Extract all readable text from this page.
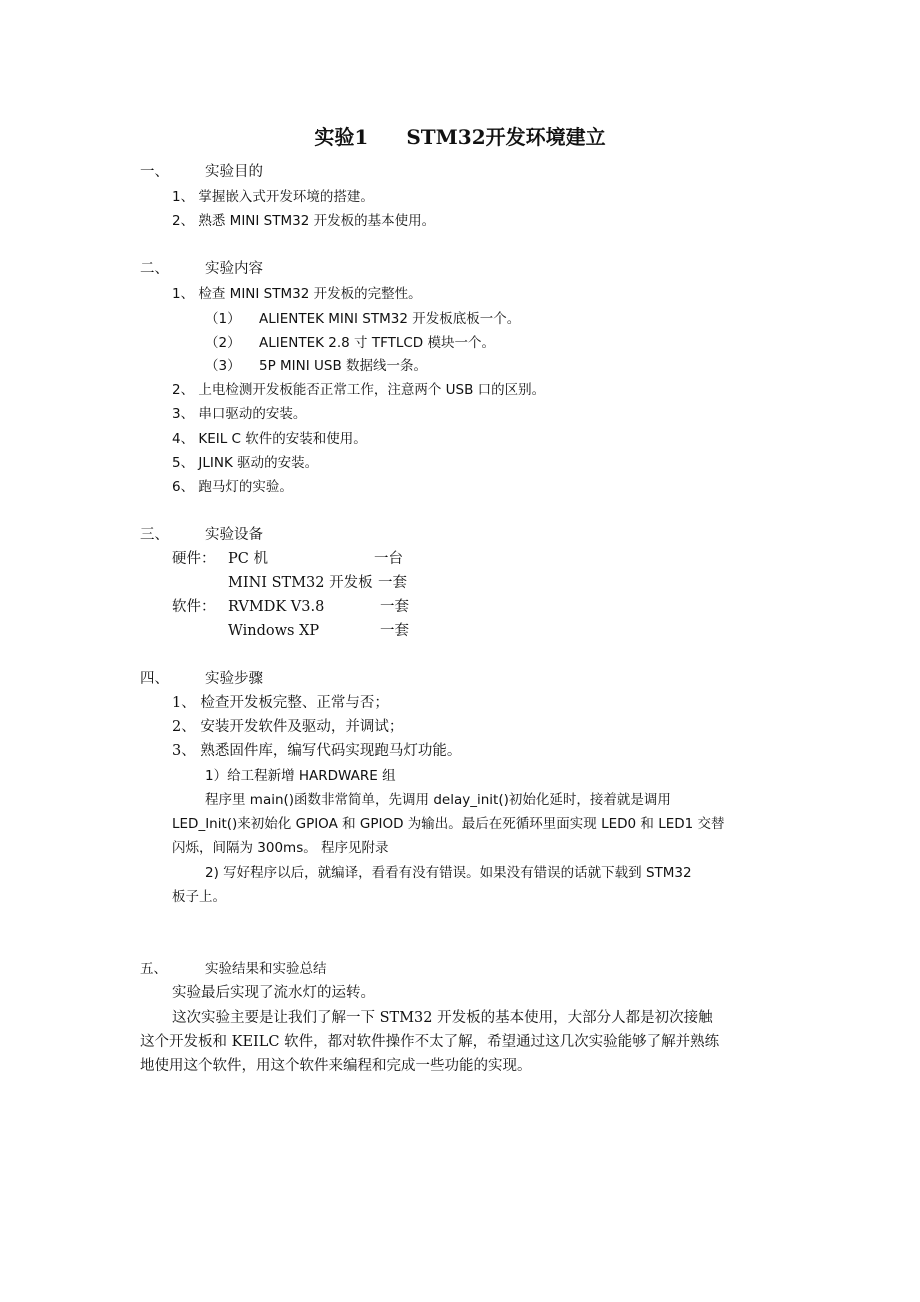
实验1 STM32开发环境建立
一、 实验目的
1、 掌握嵌入式开发环境的搭建。
2、 熟悉 MINI STM32 开发板的基本使用。
二、 实验内容
1、 检查 MINI STM32 开发板的完整性。
（1） ALIENTEK MINI STM32 开发板底板一个。
（2） ALIENTEK 2.8 寸 TFTLCD 模块一个。
（3） 5P MINI USB 数据线一条。
2、 上电检测开发板能否正常工作，注意两个 USB 口的区别。
3、 串口驱动的安装。
4、 KEIL C 软件的安装和使用。
5、 JLINK 驱动的安装。
6、 跑马灯的实验。
三、 实验设备
硬件： PC 机	一台
MINI STM32 开发板 一套
软件： RVMDK V3.8	一套
Windows XP	一套
四、 实验步骤
1、 检查开发板完整、正常与否；
2、 安装开发软件及驱动，并调试；
3、 熟悉固件库，编写代码实现跑马灯功能。
1）给工程新增 HARDWARE 组
程序里 main()函数非常简单，先调用 delay_init()初始化延时，接着就是调用
LED_Init()来初始化 GPIOA 和 GPIOD 为输出。最后在死循环里面实现 LED0 和 LED1 交替
闪烁，间隔为 300ms。 程序见附录
2) 写好程序以后，就编译，看看有没有错误。如果没有错误的话就下载到 STM32
板子上。
五、	实验结果和实验总结
实验最后实现了流水灯的运转。
这次实验主要是让我们了解一下 STM32 开发板的基本使用，大部分人都是初次接触
这个开发板和 KEILC 软件，都对软件操作不太了解，希望通过这几次实验能够了解并熟练
地使用这个软件，用这个软件来编程和完成一些功能的实现。
